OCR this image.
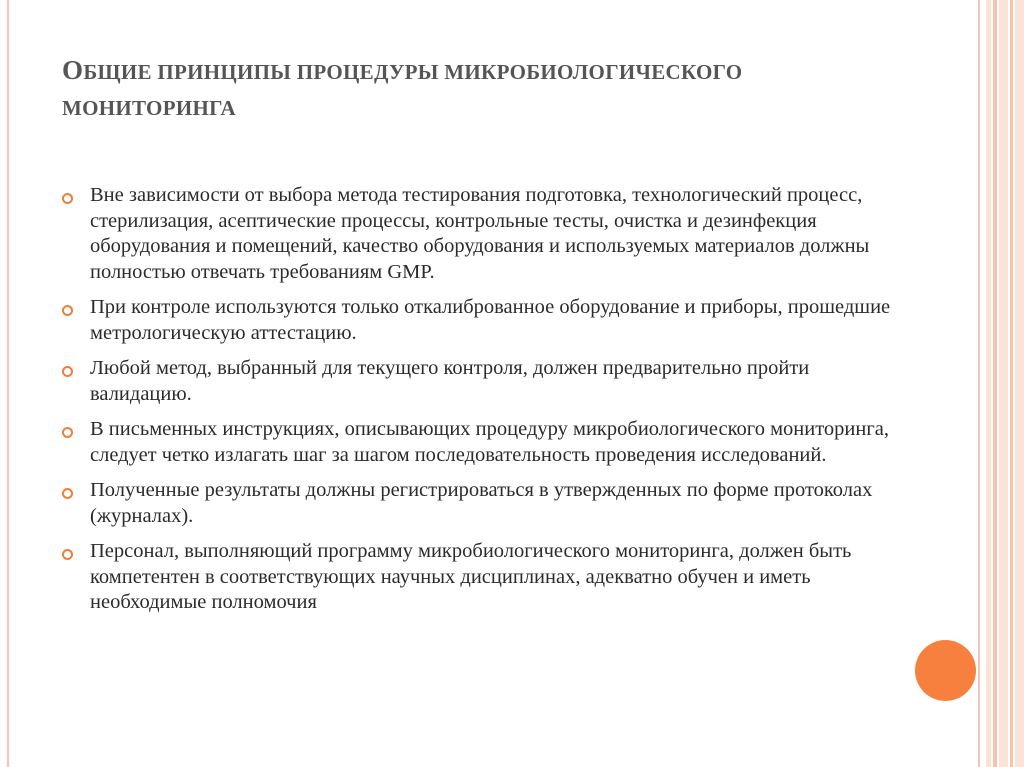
ОБЩИЕ ПРИНЦИПЫ ПРОЦЕДУРЫ МИКРОБИОЛОГИЧЕСКОГО МОНИТОРИНГА
Вне зависимости от выбора метода тестирования подготовка, технологический процесс, стерилизация, асептические процессы, контрольные тесты, очистка и дезинфекция оборудования и помещений, качество оборудования и используемых материалов должны полностью отвечать требованиям GMP.
При контроле используются только откалиброванное оборудование и приборы, прошедшие метрологическую аттестацию.
Любой метод, выбранный для текущего контроля, должен предварительно пройти валидацию.
В письменных инструкциях, описывающих процедуру микробиологического мониторинга, следует четко излагать шаг за шагом последовательность проведения исследований.
Полученные результаты должны регистрироваться в утвержденных по форме протоколах (журналах).
Персонал, выполняющий программу микробиологического мониторинга, должен быть компетентен в соответствующих научных дисциплинах, адекватно обучен и иметь необходимые полномочия
